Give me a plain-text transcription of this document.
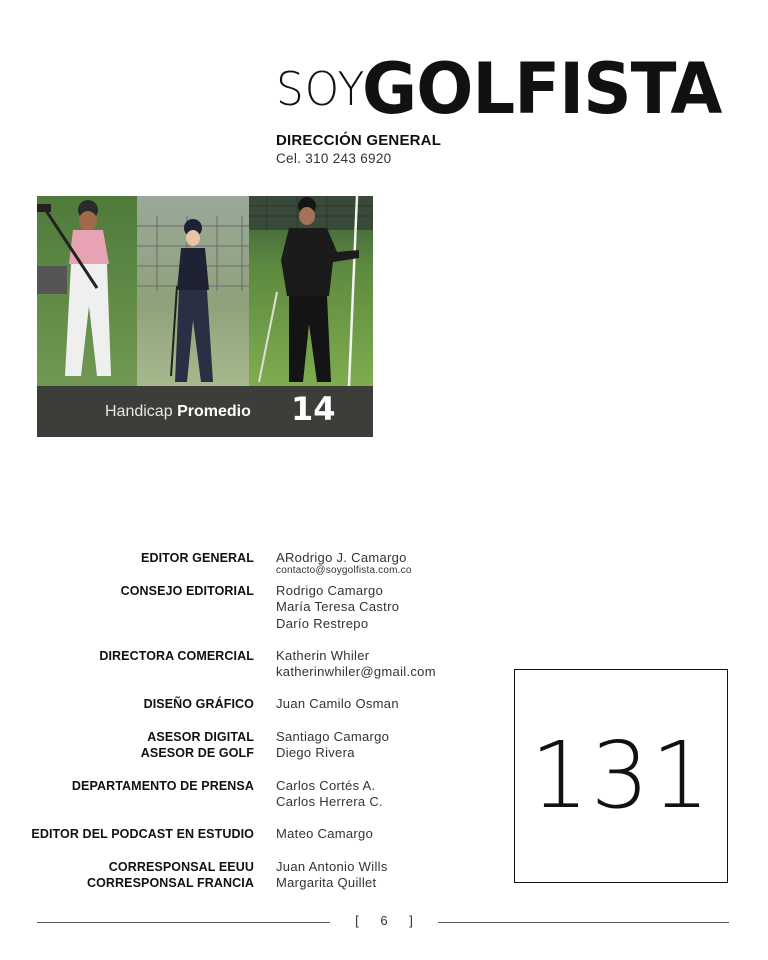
SOY
GOLFISTA
DIRECCIÓN GENERAL
Cel. 310 243 6920
Handicap Promedio 14
EDITOR GENERAL ARodrigo J. Camargo
contacto@soygolfista.com.co
CONSEJO EDITORIAL Rodrigo Camargo
María Teresa Castro
Darío Restrepo
DIRECTORA COMERCIAL Katherin Whiler
katherinwhiler@gmail.com
DISEÑO GRÁFICO Juan Camilo Osman
ASESOR DIGITAL
ASESOR DE GOLF
Santiago Camargo
Diego Rivera
DEPARTAMENTO DE PRENSA Carlos Cortés A.
Carlos Herrera C.
EDITOR DEL PODCAST EN ESTUDIO Mateo Camargo
CORRESPONSAL EEUU
CORRESPONSAL FRANCIA
Juan Antonio Wills
Margarita Quillet
131
[ 6 ]
